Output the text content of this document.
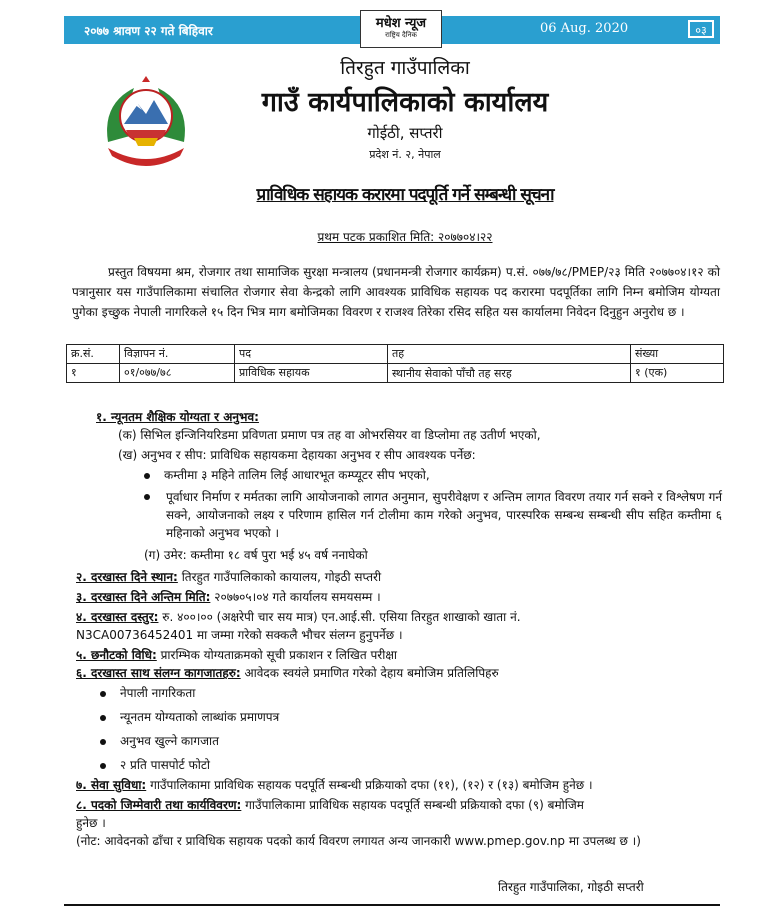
२०७७ श्रावण २२ गते बिहिवार	मधेश न्यूज
राष्ट्रिय दैनिक	06 Aug. 2020	०३
तिरहुत गाउँपालिका
गाउँ कार्यपालिकाको कार्यालय
गोईठी, सप्तरी
प्रदेश नं. २, नेपाल
प्राविधिक सहायक करारमा पदपूर्ति गर्ने सम्बन्धी सूचना
प्रथम पटक प्रकाशित मिति: २०७७०४।२२
प्रस्तुत विषयमा श्रम, रोजगार तथा सामाजिक सुरक्षा मन्त्रालय (प्रधानमन्त्री रोजगार कार्यक्रम) प.सं. ०७७/७८/PMEP/२३ मिति २०७७०४।१२ को पत्रानुसार यस गाउँपालिकामा संचालित रोजगार सेवा केन्द्रको लागि आवश्यक प्राविधिक सहायक पद करारमा पदपूर्तिका लागि निम्न बमोजिम योग्यता पुगेका इच्छुक नेपाली नागरिकले १५ दिन भित्र माग बमोजिमका विवरण र राजश्व तिरेका रसिद सहित यस कार्यालमा निवेदन दिनुहुन अनुरोध छ ।
क्र.सं.	विज्ञापन नं.	पद	तह	संख्या
१	०१/०७७/७८	प्राविधिक सहायक	स्थानीय सेवाको पाँचौ तह सरह	१ (एक)
१. न्यूनतम शैक्षिक योग्यता र अनुभव:
(क) सिभिल इन्जिनियरिडमा प्रविणता प्रमाण पत्र तह वा ओभरसियर वा डिप्लोमा तह उतीर्ण भएको,
(ख) अनुभव र सीप: प्राविधिक सहायकमा देहायका अनुभव र सीप आवश्यक पर्नेछ:
कम्तीमा ३ महिने तालिम लिई आधारभूत कम्प्यूटर सीप भएको,
पूर्वाधार निर्माण र मर्मतका लागि आयोजनाको लागत अनुमान, सुपरीवेक्षण र अन्तिम लागत विवरण तयार गर्न सक्ने र विश्लेषण गर्न सक्ने, आयोजनाको लक्ष्य र परिणाम हासिल गर्न टोलीमा काम गरेको अनुभव, पारस्परिक सम्बन्ध सम्बन्धी सीप सहित कम्तीमा ६ महिनाको अनुभव भएको ।
(ग) उमेर: कम्तीमा १८ वर्ष पुरा भई ४५ वर्ष ननाघेको
२. दरखास्त दिने स्थान: तिरहुत गाउँपालिकाको कायालय, गोइठी सप्तरी
३. दरखास्त दिने अन्तिम मिति: २०७७०५।०४ गते कार्यालय समयसम्म ।
४. दरखास्त दस्तुर: रु. ४००।०० (अक्षरेपी चार सय मात्र) एन.आई.सी. एसिया तिरहुत शाखाको खाता नं.
N3CA00736452401 मा जम्मा गरेको सक्कलै भौचर संलग्न हुनुपर्नेछ ।
५. छनौटको विधि: प्रारम्भिक योग्यताक्रमको सूची प्रकाशन र लिखित परीक्षा
६. दरखास्त साथ संलग्न कागजातहरु: आवेदक स्वयंले प्रमाणित गरेको देहाय बमोजिम प्रतिलिपिहरु
नेपाली नागरिकता
न्यूनतम योग्यताको लाब्धांक प्रमाणपत्र
अनुभव खुल्ने कागजात
२ प्रति पासपोर्ट फोटो
७. सेवा सुविधा: गाउँपालिकामा प्राविधिक सहायक पदपूर्ति सम्बन्धी प्रक्रियाको दफा (११), (१२) र (१३) बमोजिम हुनेछ ।
८. पदको जिम्मेवारी तथा कार्यविवरण: गाउँपालिकामा प्राविधिक सहायक पदपूर्ति सम्बन्धी प्रक्रियाको दफा (९) बमोजिम
हुनेछ ।
(नोट: आवेदनको ढाँचा र प्राविधिक सहायक पदको कार्य विवरण लगायत अन्य जानकारी www.pmep.gov.np मा उपलब्ध छ ।)
तिरहुत गाउँपालिका, गोइठी सप्तरी
